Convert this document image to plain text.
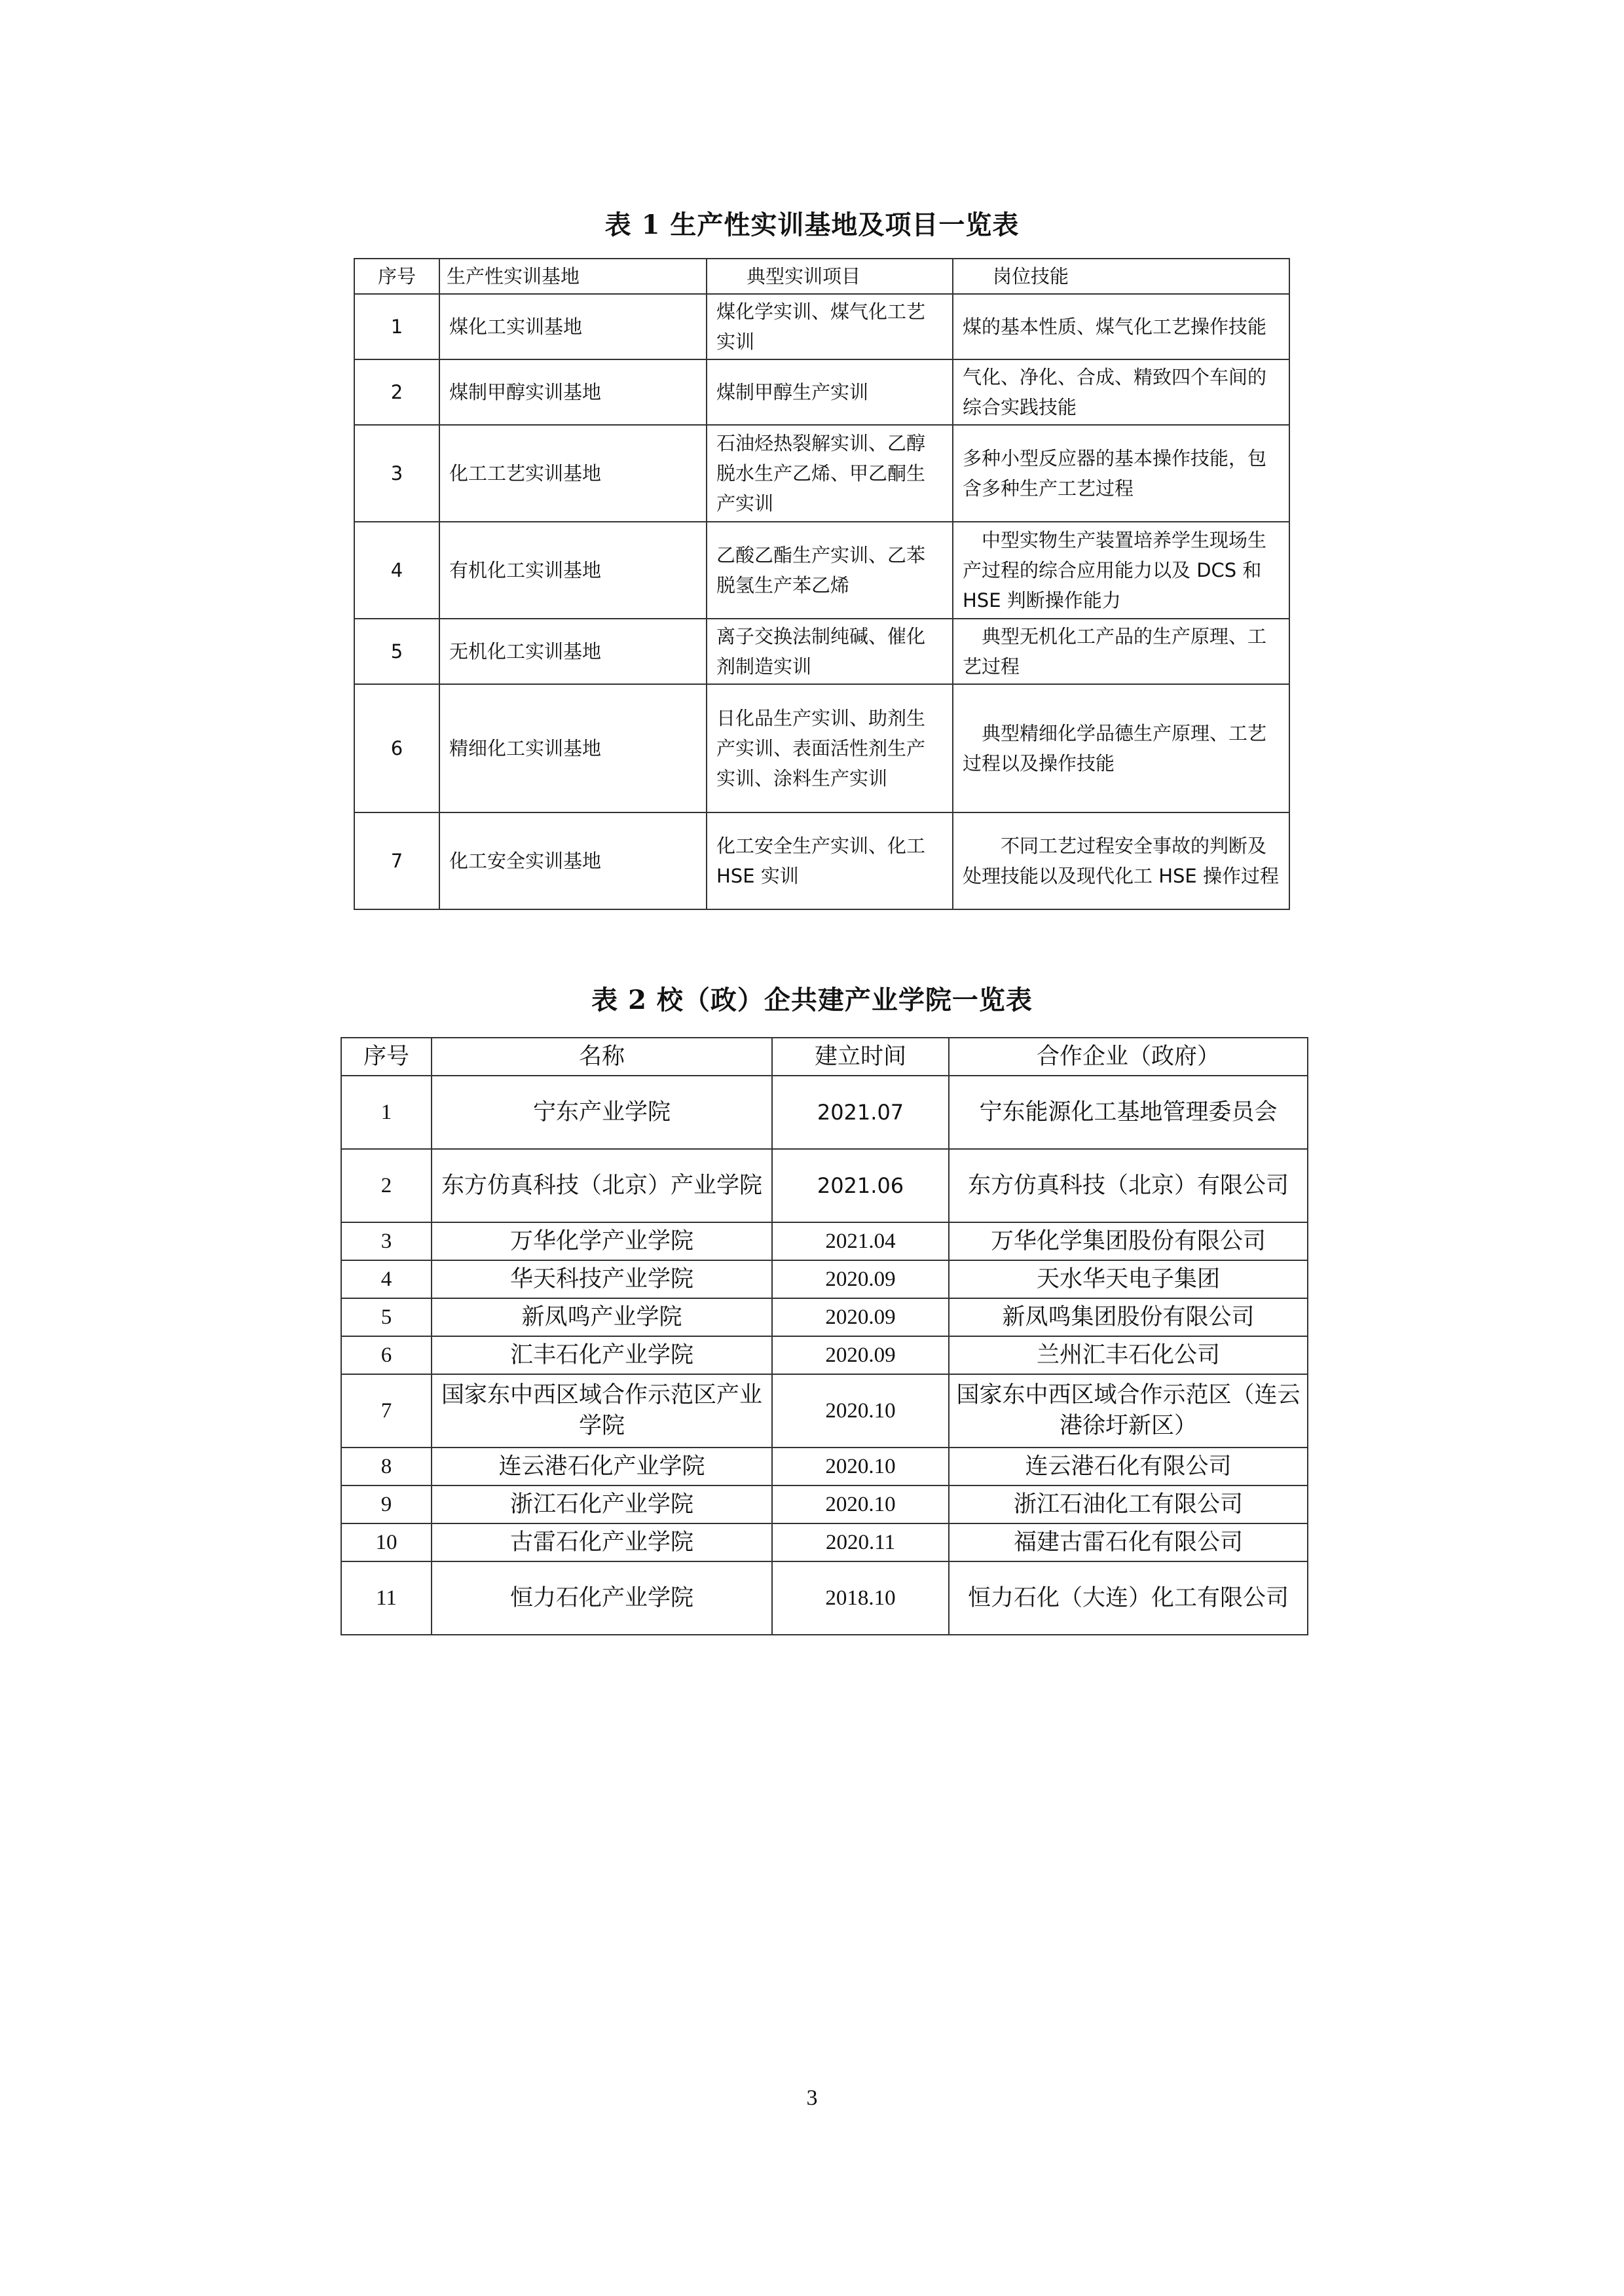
表 1 生产性实训基地及项目一览表
序号	生产性实训基地	典型实训项目	岗位技能
1	煤化工实训基地	煤化学实训、煤气化工艺实训	煤的基本性质、煤气化工艺操作技能
2	煤制甲醇实训基地	煤制甲醇生产实训	气化、净化、合成、精致四个车间的综合实践技能
3	化工工艺实训基地	石油烃热裂解实训、乙醇脱水生产乙烯、甲乙酮生产实训	多种小型反应器的基本操作技能，包含多种生产工艺过程
4	有机化工实训基地	乙酸乙酯生产实训、乙苯脱氢生产苯乙烯	　中型实物生产装置培养学生现场生产过程的综合应用能力以及 DCS 和 HSE 判断操作能力
5	无机化工实训基地	离子交换法制纯碱、催化剂制造实训	　典型无机化工产品的生产原理、工艺过程
6	精细化工实训基地	日化品生产实训、助剂生产实训、表面活性剂生产实训、涂料生产实训	　典型精细化学品德生产原理、工艺过程以及操作技能
7	化工安全实训基地	化工安全生产实训、化工 HSE 实训	　　不同工艺过程安全事故的判断及处理技能以及现代化工 HSE 操作过程
表 2 校（政）企共建产业学院一览表
序号	名称	建立时间	合作企业（政府）
1	宁东产业学院	2021.07	宁东能源化工基地管理委员会
2	东方仿真科技（北京）产业学院	2021.06	东方仿真科技（北京）有限公司
3	万华化学产业学院	2021.04	万华化学集团股份有限公司
4	华天科技产业学院	2020.09	天水华天电子集团
5	新凤鸣产业学院	2020.09	新凤鸣集团股份有限公司
6	汇丰石化产业学院	2020.09	兰州汇丰石化公司
7	国家东中西区域合作示范区产业学院	2020.10	国家东中西区域合作示范区（连云港徐圩新区）
8	连云港石化产业学院	2020.10	连云港石化有限公司
9	浙江石化产业学院	2020.10	浙江石油化工有限公司
10	古雷石化产业学院	2020.11	福建古雷石化有限公司
11	恒力石化产业学院	2018.10	恒力石化（大连）化工有限公司
3
